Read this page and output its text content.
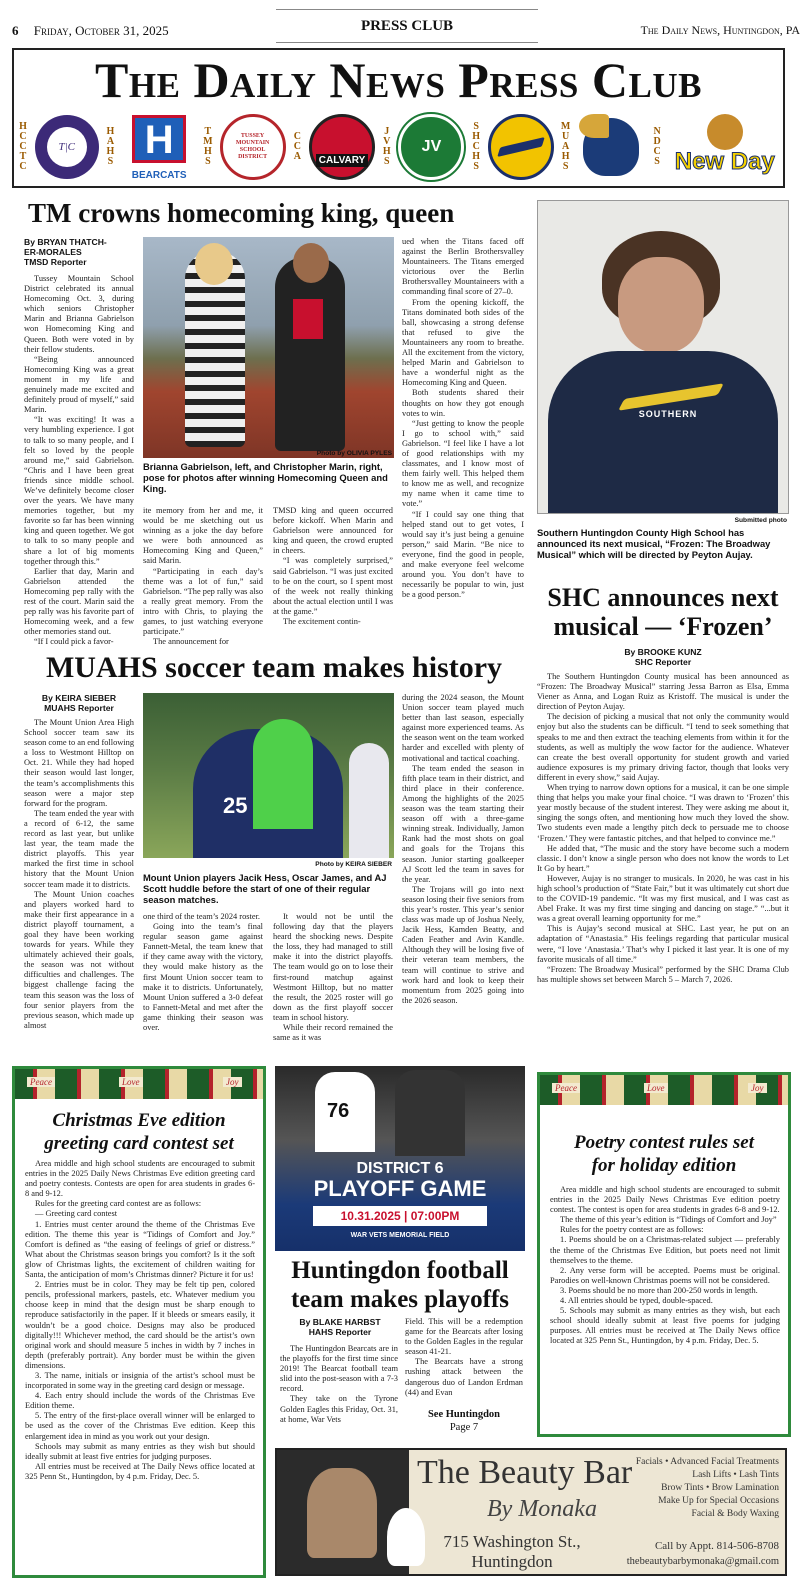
6 Friday, October 31, 2025	PRESS CLUB	The Daily News, Huntingdon, PA
The Daily News Press Club
HCCTC
T|C
HAHS H
BEARCATS
TMHS
TUSSEY MOUNTAIN SCHOOL DISTRICT
CCA	CALVARY
JVHS
JV
SHCHS
MUAHS
NDCS New Day
TM crowns homecoming king, queen
By BRYAN THATCH-
ER-MORALES
TMSD Reporter

Tussey Mountain School District celebrated its annual Homecoming Oct. 3, during which seniors Christopher Marin and Brianna Gabrielson won Homecoming King and Queen. Both were voted in by their fellow students.

“Being announced Homecoming King was a great moment in my life and genuinely made me excited and definitely proud of myself,” said Marin.

“It was exciting! It was a very humbling experience. I got to talk to so many people, and I felt so loved by the people around me,” said Gabrielson. “Chris and I have been great friends since middle school. We’ve definitely become closer over the years. We have many memories together, but my favorite so far has been winning king and queen together. We got to talk to so many people and share a lot of big moments together through this.”

Earlier that day, Marin and Gabrielson attended the Homecoming pep rally with the rest of the court. Marin said the pep rally was his favorite part of Homecoming week, and a few other memories stand out.

“If I could pick a favor-

Photo by OLIVIA PYLES
Brianna Gabrielson, left, and Christopher Marin, right, pose for photos after winning Homecoming Queen and King.

ite memory from her and me, it would be me sketching out us winning as a joke the day before we were both announced as Homecoming King and Queen,” said Marin.

“Participating in each day’s theme was a lot of fun,” said Gabrielson. “The pep rally was also a really great memory. From the intro with Chris, to playing the games, to just watching everyone participate.”

The announcement for

TMSD king and queen occurred before kickoff. When Marin and Gabrielson were announced for king and queen, the crowd erupted in cheers.

“I was completely surprised,” said Gabrielson. “I was just excited to be on the court, so I spent most of the week not really thinking about the actual election until I was at the game.”

The excitement contin-

ued when the Titans faced off against the Berlin Brothersvalley Mountaineers. The Titans emerged victorious over the Berlin Brothersvalley Mountaineers with a commanding final score of 27–0.

From the opening kickoff, the Titans dominated both sides of the ball, showcasing a strong defense that refused to give the Mountaineers any room to breathe. All the excitement from the victory, helped Marin and Gabrielson to have a wonderful night as the Homecoming King and Queen.

Both students shared their thoughts on how they got enough votes to win.

“Just getting to know the people I go to school with,” said Gabrielson. “I feel like I have a lot of good relationships with my classmates, and I know most of them fairly well. This helped them to know me as well, and recognize my name when it came time to vote.”

“If I could say one thing that helped stand out to get votes, I would say it’s just being a genuine person,” said Marin. “Be nice to everyone, find the good in people, and make everyone feel welcome around you. You don’t have to necessarily be popular to win, just be a good person.”

SOUTHERN
Submitted photo
Southern Huntingdon County High School has announced its next musical, “Frozen: The Broadway Musical” which will be directed by Peyton Aujay.
SHC announces next
musical — ‘Frozen’
By BROOKE KUNZ
SHC Reporter

The Southern Huntingdon County musical has been announced as “Frozen: The Broadway Musical” starring Jessa Barron as Elsa, Emma Viener as Anna, and Logan Ruiz as Kristoff. The musical is under the direction of Peyton Aujay.

The decision of picking a musical that not only the community would enjoy but also the students can be difficult. “I tend to seek something that speaks to me and then extract the teaching elements from within it for the students, as well as multiply the wow factor for the audience. Whatever can create the best overall opportunity for student growth and varied audience exposures is my primary driving factor, though that looks very different in every show,” said Aujay.

When trying to narrow down options for a musical, it can be one simple thing that helps you make your final choice. “I was drawn to ‘Frozen’ this year mostly because of the student interest. They were asking me about it, singing the songs often, and mentioning how much they loved the show. Two students even made a lengthy pitch deck to persuade me to choose ‘Frozen.’ They were fantastic pitches, and that helped to convince me.”

He added that, “The music and the story have become such a modern classic. I don’t know a single person who does not know the words to Let It Go by heart.”

However, Aujay is no stranger to musicals. In 2020, he was cast in his high school’s production of “State Fair,” but it was ultimately cut short due to the COVID-19 pandemic. “It was my first musical, and I was cast as Abel Frake. It was my first time singing and dancing on stage.” “...but it was a great overall learning opportunity for me.”

This is Aujay’s second musical at SHC. Last year, he put on an adaptation of “Anastasia.” His feelings regarding that particular musical were, “I love ‘Anastasia.’ That’s why I picked it last year. It is one of my favorite musicals of all time.”

“Frozen: The Broadway Musical” performed by the SHC Drama Club has multiple shows set between March 5 – March 7, 2026.

MUAHS soccer team makes history
By KEIRA SIEBER
MUAHS Reporter

The Mount Union Area High School soccer team saw its season come to an end following a loss to Westmont Hilltop on Oct. 21. While they had hoped their season would last longer, the team’s accomplishments this season were a major step forward for the program.

The team ended the year with a record of 6-12, the same record as last year, but unlike last year, the team made the district playoffs. This year marked the first time in school history that the Mount Union soccer team made it to districts.

The Mount Union coaches and players worked hard to make their first appearance in a district playoff tournament, a goal they have been working towards for years. While they ultimately achieved their goals, the season was not without difficulties and challenges. The biggest challenge facing the team this season was the loss of four senior players from the previous season, which made up almost

25
Photo by KEIRA SIEBER
Mount Union players Jacik Hess, Oscar James, and AJ Scott huddle before the start of one of their regular season matches.

one third of the team’s 2024 roster.

Going into the team’s final regular season game against Fannett-Metal, the team knew that if they came away with the victory, they would make history as the first Mount Union soccer team to make it to districts. Unfortunately, Mount Union suffered a 3-0 defeat to Fannett-Metal and met after the game thinking their season was over.

It would not be until the following day that the players heard the shocking news. Despite the loss, they had managed to still make it into the district playoffs. The team would go on to lose their first-round matchup against Westmont Hilltop, but no matter the result, the 2025 roster will go down as the first playoff soccer team in school history.

While their record remained the same as it was

during the 2024 season, the Mount Union soccer team played much better than last season, especially against more experienced teams. As the season went on the team worked harder and excelled with plenty of motivational and tactical coaching.

The team ended the season in fifth place team in their district, and third place in their conference. Among the highlights of the 2025 season was the team starting their season off with a three-game winning streak. Individually, Jamon Rank had the most shots on goal and goals for the Trojans this season. Junior starting goalkeeper AJ Scott led the team in saves for the year.

The Trojans will go into next season losing their five seniors from this year’s roster. This year’s senior class was made up of Joshua Neely, Jacik Hess, Kamden Beatty, and Caden Feather and Avin Kandle. Although they will be losing five of their veteran team members, the team will continue to strive and work hard and look to keep their momentum from 2025 going into the 2026 season.

Peace	Love	Joy
Christmas Eve edition
greeting card contest set

Area middle and high school students are encouraged to submit entries in the 2025 Daily News Christmas Eve edition greeting card and poetry contests. Contests are open for area students in grades 6-8 and 9-12.

Rules for the greeting card contest are as follows:

— Greeting card contest

1. Entries must center around the theme of the Christmas Eve edition. The theme this year is “Tidings of Comfort and Joy.” Comfort is defined as “the easing of feelings of grief or distress.” What about the Christmas season brings you comfort? Is it the soft glow of Christmas lights, the excitement of children waiting for Santa, the anticipation of mom’s Christmas dinner? Picture it for us!

2. Entries must be in color. They may be felt tip pen, colored pencils, professional markers, pastels, etc. Whatever medium you choose keep in mind that the design must be sharp enough to reproduce satisfactorily in the paper. If it bleeds or smears easily, it wouldn’t be a good choice. Designs may also be produced digitally!!! Whichever method, the card should be the artist’s own original work and should measure 5 inches in width by 7 inches in depth (preferably portrait). Any border must be within the given dimensions.

3. The name, initials or insignia of the artist’s school must be incorporated in some way in the greeting card design or message.

4. Each entry should include the words of the Christmas Eve Edition theme.

5. The entry of the first-place overall winner will be enlarged to be used as the cover of the Christmas Eve edition. Keep this enlargement idea in mind as you work out your design.

Schools may submit as many entries as they wish but should ideally submit at least five entries for judging purposes.

All entries must be received at The Daily News office located at 325 Penn St., Huntingdon, by 4 p.m. Friday, Dec. 5.

76
DISTRICT 6
PLAYOFF GAME
10.31.2025 | 07:00PM
WAR VETS MEMORIAL FIELD
Huntingdon football
team makes playoffs
By BLAKE HARBST
HAHS Reporter

The Huntingdon Bearcats are in the playoffs for the first time since 2019! The Bearcat football team slid into the post-season with a 7-3 record.

They take on the Tyrone Golden Eagles this Friday, Oct. 31, at home, War Vets

Field. This will be a redemption game for the Bearcats after losing to the Golden Eagles in the regular season 41-21.

The Bearcats have a strong rushing attack between the dangerous duo of Landon Erdman (44) and Evan

See Huntingdon
Page 7
Peace	Love	Joy
Poetry contest rules set
for holiday edition

Area middle and high school students are encouraged to submit entries in the 2025 Daily News Christmas Eve edition poetry contest. The contest is open for area students in grades 6-8 and 9-12.

The theme of this year’s edition is “Tidings of Comfort and Joy”

Rules for the poetry contest are as follows:

1. Poems should be on a Christmas-related subject — preferably the theme of the Christmas Eve Edition, but poets need not limit themselves to the theme.

2. Any verse form will be accepted. Poems must be original. Parodies on well-known Christmas poems will not be considered.

3. Poems should be no more than 200-250 words in length.

4. All entries should be typed, double-spaced.

5. Schools may submit as many entries as they wish, but each school should ideally submit at least five poems for judging purposes. All entries must be received at The Daily News office located at 325 Penn St., Huntingdon, by 4 p.m. Friday, Dec. 5.

The Beauty Bar
By Monaka
715 Washington St.,
Huntingdon
Facials • Advanced Facial Treatments
Lash Lifts • Lash Tints
Brow Tints • Brow Lamination
Make Up for Special Occasions
Facial & Body Waxing
Call by Appt. 814-506-8708
thebeautybarbymonaka@gmail.com
